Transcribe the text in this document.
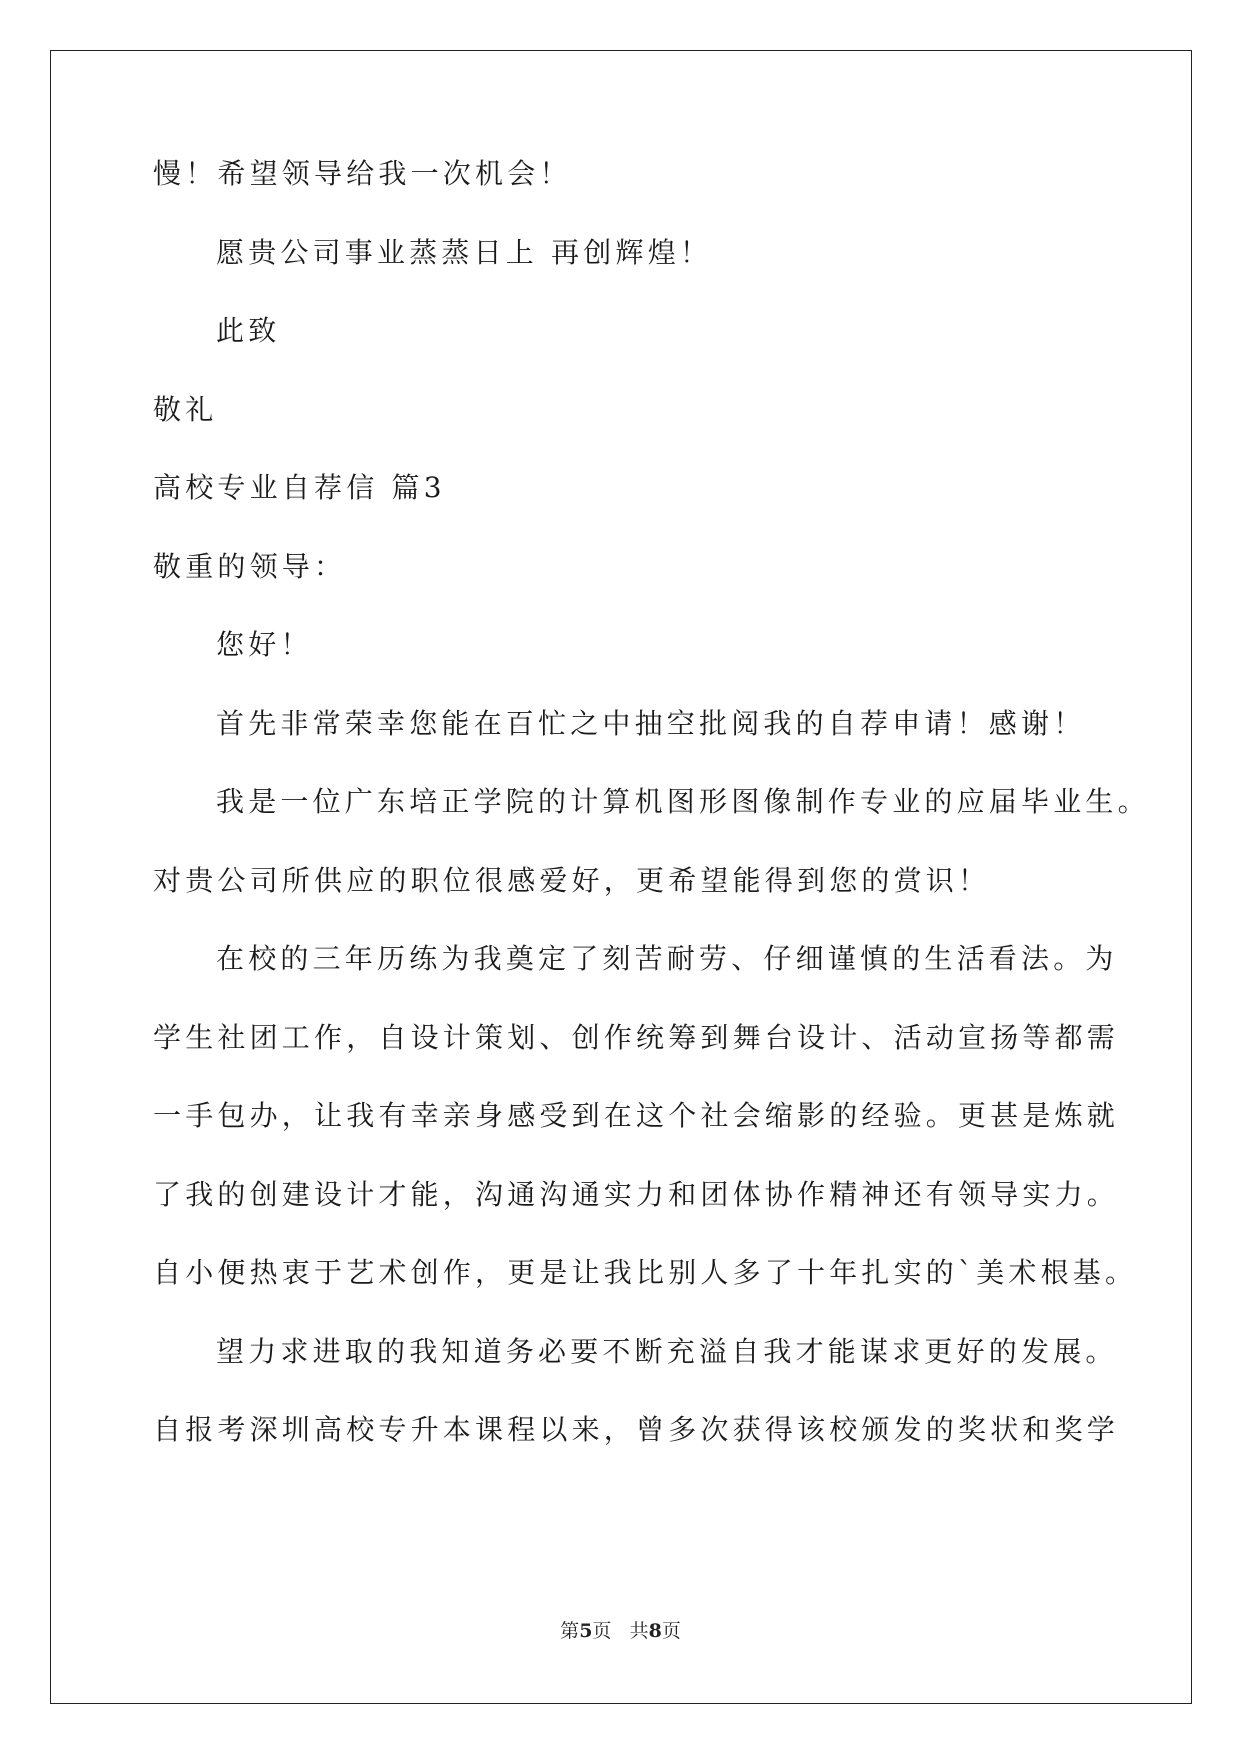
慢！希望领导给我一次机会！

愿贵公司事业蒸蒸日上 再创辉煌！

此致

敬礼

高校专业自荐信 篇3

敬重的领导：

您好！

首先非常荣幸您能在百忙之中抽空批阅我的自荐申请！感谢！

我是一位广东培正学院的计算机图形图像制作专业的应届毕业生。

对贵公司所供应的职位很感爱好，更希望能得到您的赏识！

在校的三年历练为我奠定了刻苦耐劳、仔细谨慎的生活看法。为

学生社团工作，自设计策划、创作统筹到舞台设计、活动宣扬等都需

一手包办，让我有幸亲身感受到在这个社会缩影的经验。更甚是炼就

了我的创建设计才能，沟通沟通实力和团体协作精神还有领导实力。

自小便热衷于艺术创作，更是让我比别人多了十年扎实的`美术根基。

望力求进取的我知道务必要不断充溢自我才能谋求更好的发展。

自报考深圳高校专升本课程以来，曾多次获得该校颁发的奖状和奖学

第5页 共8页
